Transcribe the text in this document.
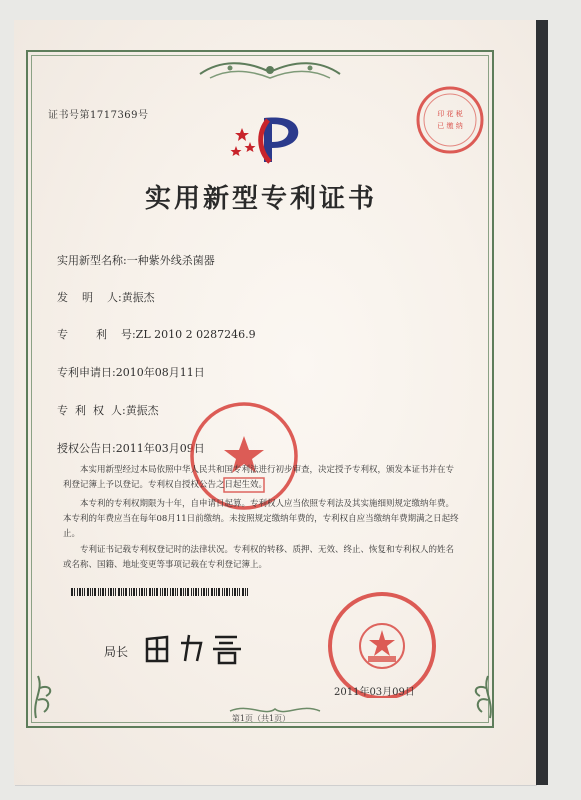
证书号第1717369号	印 花 税
已 缴 纳
实用新型专利证书
实用新型名称:一种紫外线杀菌器
发    明    人:黄振杰
专        利    号:ZL 2010 2 0287246.9
专利申请日:2010年08月11日
专  利  权  人:黄振杰
授权公告日:2011年03月09日
本实用新型经过本局依照中华人民共和国专利法进行初步审查，决定授予专利权，颁发本证书并在专利登记簿上予以登记。专利权自授权公告之日起生效。
本专利的专利权期限为十年，自申请日起算。专利权人应当依照专利法及其实施细则规定缴纳年费。本专利的年费应当在每年08月11日前缴纳。未按照规定缴纳年费的，专利权自应当缴纳年费期满之日起终止。
专利证书记载专利权登记时的法律状况。专利权的转移、质押、无效、终止、恢复和专利权人的姓名或名称、国籍、地址变更等事项记载在专利登记簿上。
局长
2011年03月09日
第1页（共1页）
